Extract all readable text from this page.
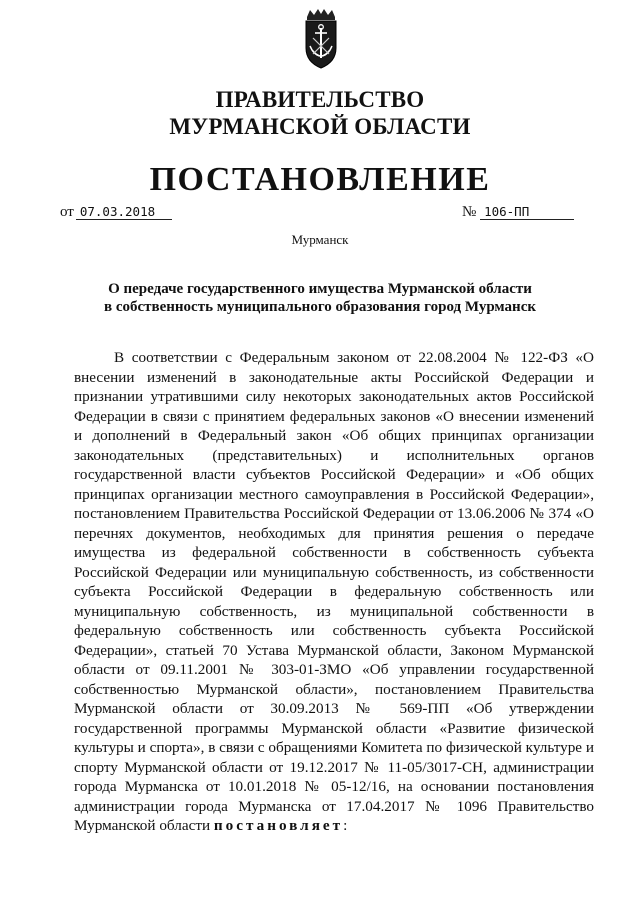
ПРАВИТЕЛЬСТВО
МУРМАНСКОЙ ОБЛАСТИ
ПОСТАНОВЛЕНИЕ
от 07.03.2018	№ 106-ПП
Мурманск
О передаче государственного имущества Мурманской области
в собственность муниципального образования город Мурманск

В соответствии с Федеральным законом от 22.08.2004 № 122-ФЗ «О внесении изменений в законодательные акты Российской Федерации и признании утратившими силу некоторых законодательных актов Российской Федерации в связи с принятием федеральных законов «О внесении изменений и дополнений в Федеральный закон «Об общих принципах организации законодательных (представительных) и исполнительных органов государственной власти субъектов Российской Федерации» и «Об общих принципах организации местного самоуправления в Российской Федерации», постановлением Правительства Российской Федерации от 13.06.2006 № 374 «О перечнях документов, необходимых для принятия решения о передаче имущества из федеральной собственности в собственность субъекта Российской Федерации или муниципальную собственность, из собственности субъекта Российской Федерации в федеральную собственность или муниципальную собственность, из муниципальной собственности в федеральную собственность или собственность субъекта Российской Федерации», статьей 70 Устава Мурманской области, Законом Мурманской области от 09.11.2001 № 303-01-ЗМО «Об управлении государственной собственностью Мурманской области», постановлением Правительства Мурманской области от 30.09.2013 № 569-ПП «Об утверждении государственной программы Мурманской области «Развитие физической культуры и спорта», в связи с обращениями Комитета по физической культуре и спорту Мурманской области от 19.12.2017 № 11-05/3017-СН, администрации города Мурманска от 10.01.2018 № 05-12/16, на основании постановления администрации города Мурманска от 17.04.2017 № 1096 Правительство Мурманской области постановляет:
